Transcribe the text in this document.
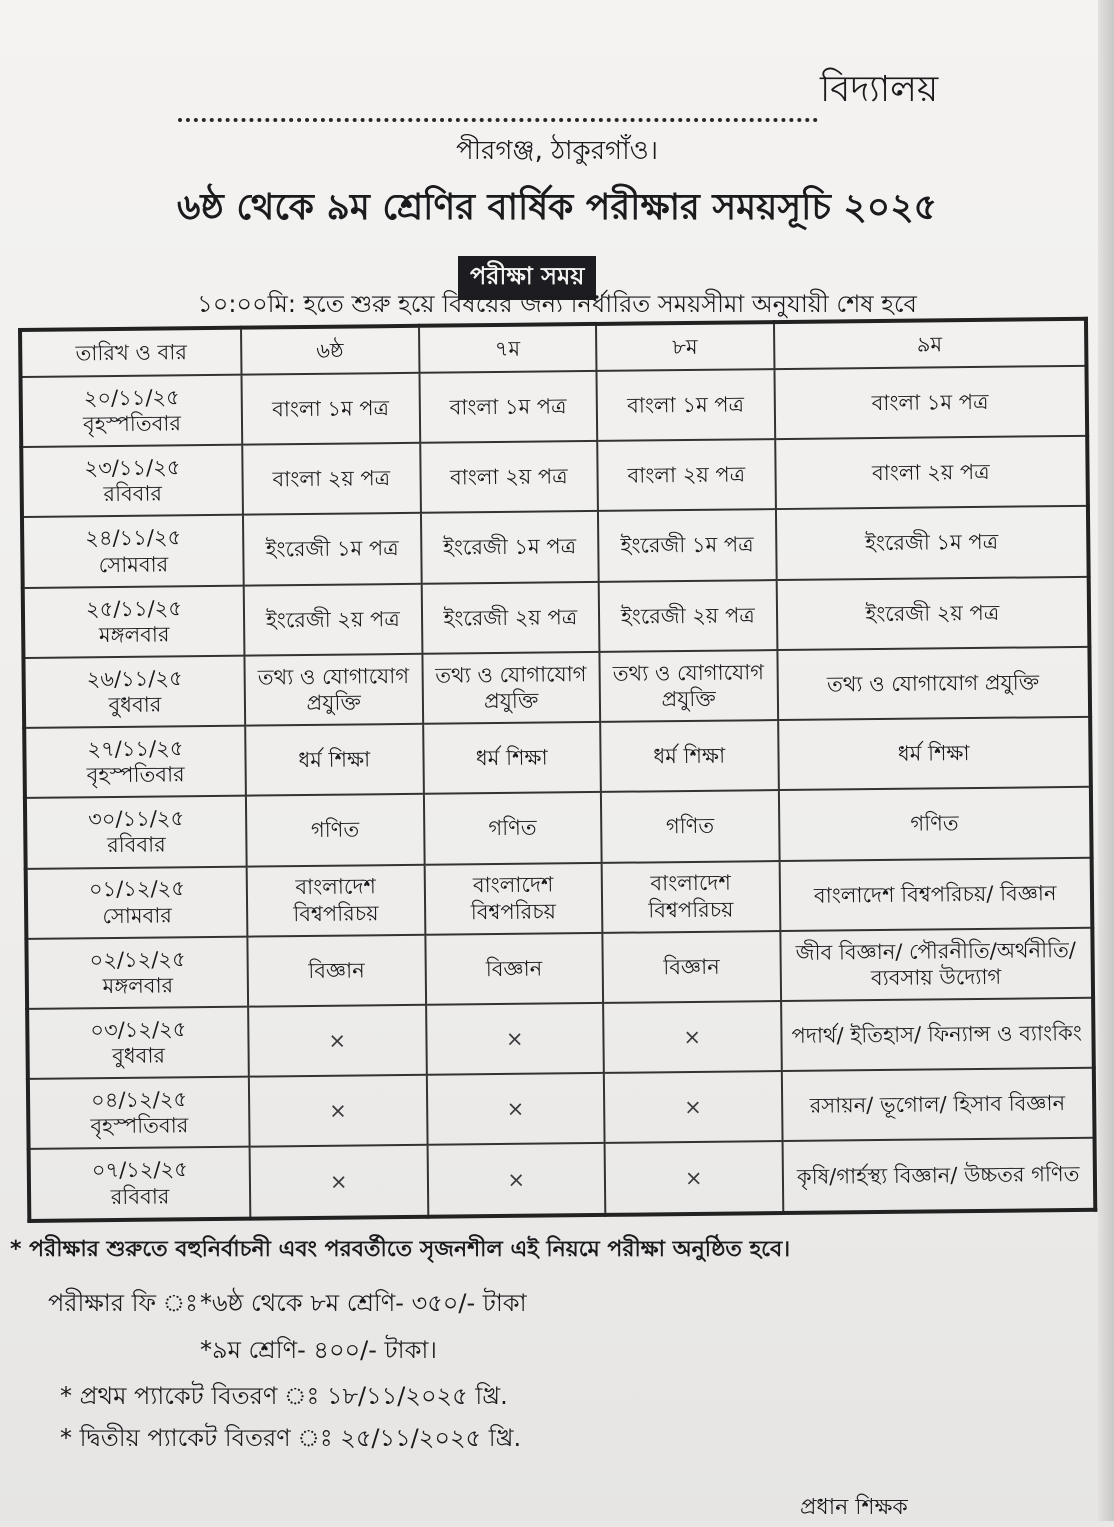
বিদ্যালয়
পীরগঞ্জ, ঠাকুরগাঁও।
৬ষ্ঠ থেকে ৯ম শ্রেণির বার্ষিক পরীক্ষার সময়সূচি ২০২৫
পরীক্ষা সময়
১০:০০মি: হতে শুরু হয়ে বিষয়ের জন্য নির্ধারিত সময়সীমা অনুযায়ী শেষ হবে
তারিখ ও বার	৬ষ্ঠ	৭ম	৮ম	৯ম

২০/১১/২৫
বৃহস্পতিবার	বাংলা ১ম পত্র	বাংলা ১ম পত্র	বাংলা ১ম পত্র	বাংলা ১ম পত্র

২৩/১১/২৫
রবিবার	বাংলা ২য় পত্র	বাংলা ২য় পত্র	বাংলা ২য় পত্র	বাংলা ২য় পত্র

২৪/১১/২৫
সোমবার	ইংরেজী ১ম পত্র	ইংরেজী ১ম পত্র	ইংরেজী ১ম পত্র	ইংরেজী ১ম পত্র

২৫/১১/২৫
মঙ্গলবার	ইংরেজী ২য় পত্র	ইংরেজী ২য় পত্র	ইংরেজী ২য় পত্র	ইংরেজী ২য় পত্র

২৬/১১/২৫
বুধবার	তথ্য ও যোগাযোগ প্রযুক্তি	তথ্য ও যোগাযোগ প্রযুক্তি	তথ্য ও যোগাযোগ প্রযুক্তি	তথ্য ও যোগাযোগ প্রযুক্তি

২৭/১১/২৫
বৃহস্পতিবার	ধর্ম শিক্ষা	ধর্ম শিক্ষা	ধর্ম শিক্ষা	ধর্ম শিক্ষা

৩০/১১/২৫
রবিবার	গণিত	গণিত	গণিত	গণিত

০১/১২/২৫
সোমবার	বাংলাদেশ বিশ্বপরিচয়	বাংলাদেশ বিশ্বপরিচয়	বাংলাদেশ বিশ্বপরিচয়	বাংলাদেশ বিশ্বপরিচয়/ বিজ্ঞান

০২/১২/২৫
মঙ্গলবার	বিজ্ঞান	বিজ্ঞান	বিজ্ঞান	জীব বিজ্ঞান/ পৌরনীতি/অর্থনীতি/ ব্যবসায় উদ্যোগ

০৩/১২/২৫
বুধবার	×	×	×	পদার্থ/ ইতিহাস/ ফিন্যান্স ও ব্যাংকিং

০৪/১২/২৫
বৃহস্পতিবার	×	×	×	রসায়ন/ ভূগোল/ হিসাব বিজ্ঞান

০৭/১২/২৫
রবিবার	×	×	×	কৃষি/গার্হস্থ্য বিজ্ঞান/ উচ্চতর গণিত
* পরীক্ষার শুরুতে বহুনির্বাচনী এবং পরবর্তীতে সৃজনশীল এই নিয়মে পরীক্ষা অনুষ্ঠিত হবে।
পরীক্ষার ফি ঃ *৬ষ্ঠ থেকে ৮ম শ্রেণি- ৩৫০/- টাকা
*৯ম শ্রেণি- ৪০০/- টাকা।
* প্রথম প্যাকেট বিতরণ ঃ ১৮/১১/২০২৫ খ্রি.
* দ্বিতীয় প্যাকেট বিতরণ ঃ ২৫/১১/২০২৫ খ্রি.
প্রধান শিক্ষক
